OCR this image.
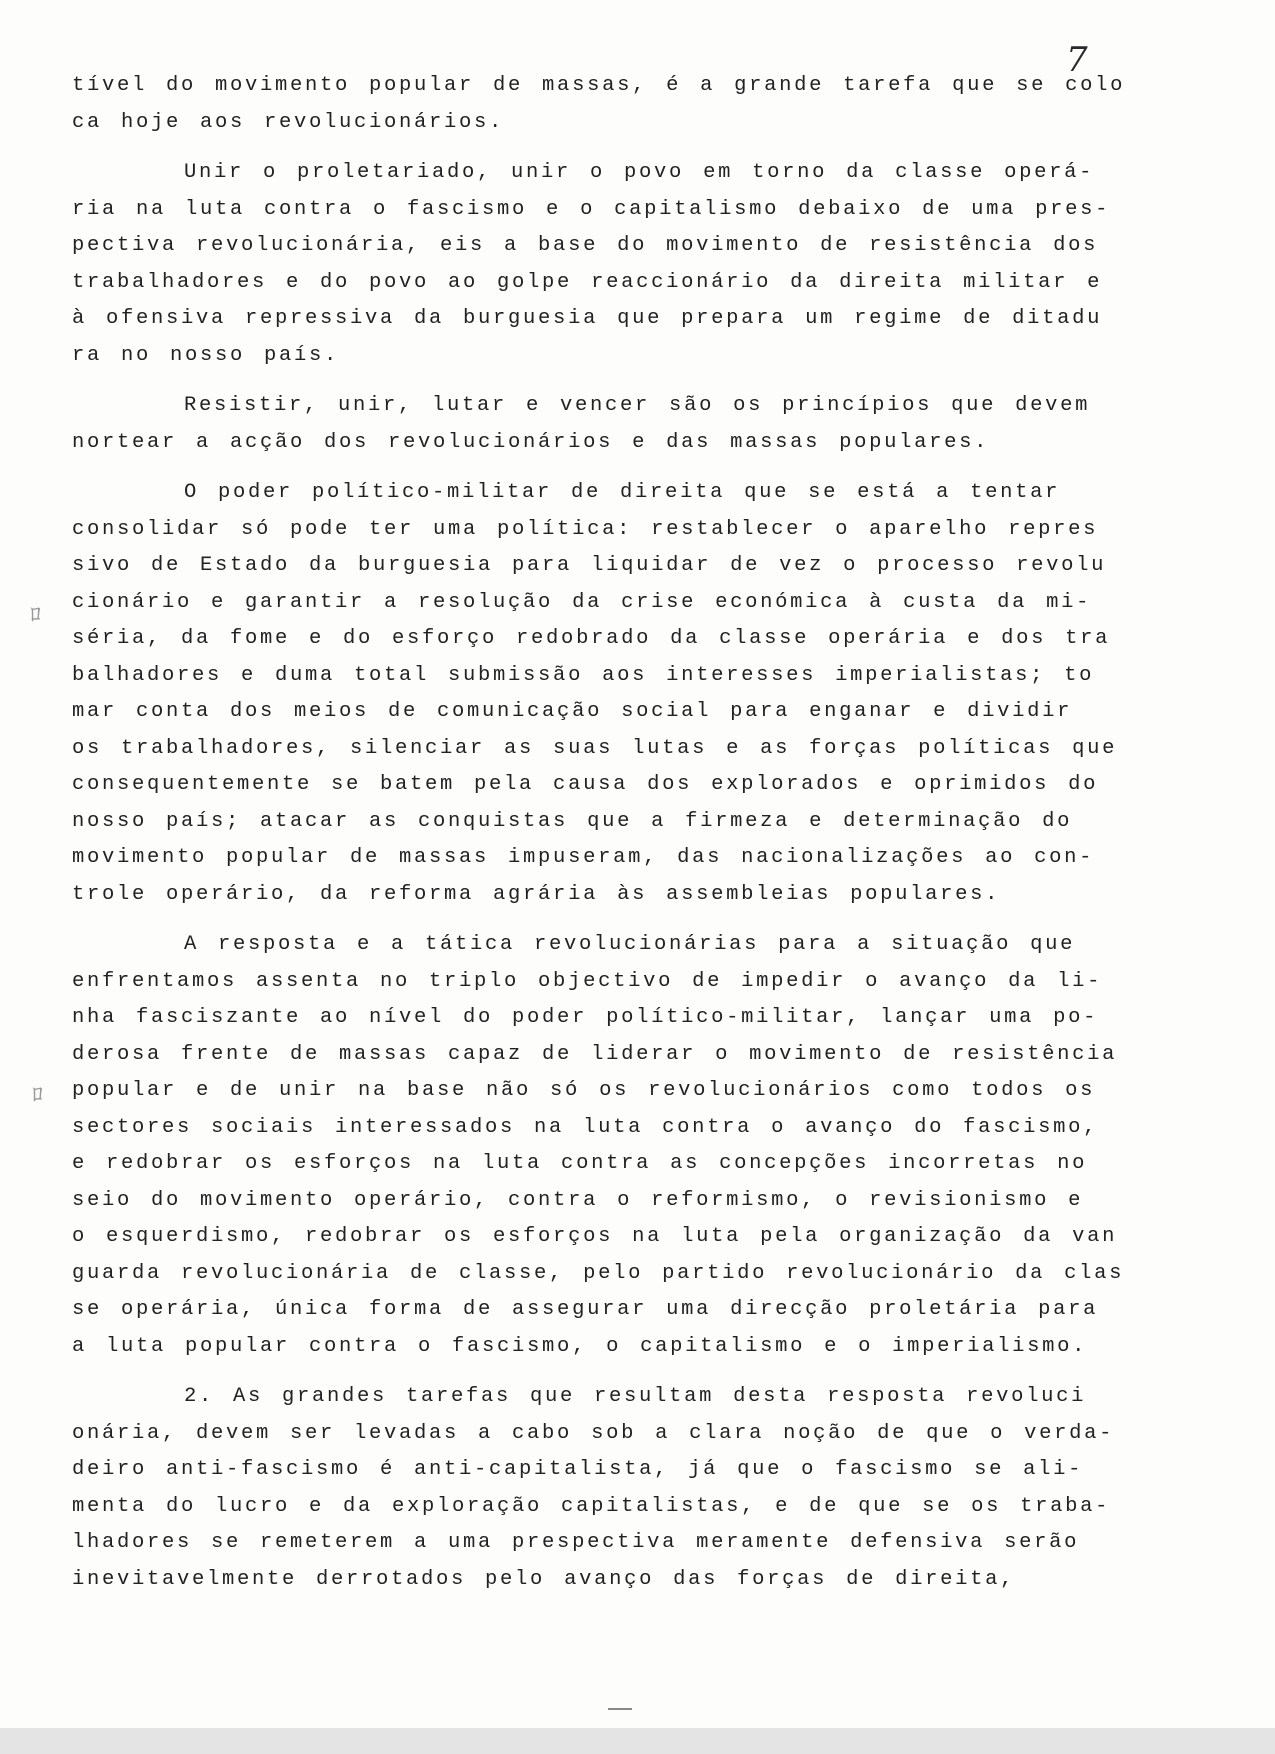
7
ﾛ
ﾛ
tível do movimento popular de massas, é a grande tarefa que se colo
ca hoje aos revolucionários.
Unir o proletariado, unir o povo em torno da classe operá-
ria na luta contra o fascismo e o capitalismo debaixo de uma pres-
pectiva revolucionária, eis a base do movimento de resistência dos
trabalhadores e do povo ao golpe reaccionário da direita militar e
à ofensiva repressiva da burguesia que prepara um regime de ditadu
ra no nosso país.
Resistir, unir, lutar e vencer são os princípios que devem
nortear a acção dos revolucionários e das massas populares.
O poder político-militar de direita que se está a tentar
consolidar só pode ter uma política: restablecer o aparelho repres
sivo de Estado da burguesia para liquidar de vez o processo revolu
cionário e garantir a resolução da crise económica à custa da mi-
séria, da fome e do esforço redobrado da classe operária e dos tra
balhadores e duma total submissão aos interesses imperialistas; to
mar conta dos meios de comunicação social para enganar e dividir
os trabalhadores, silenciar as suas lutas e as forças políticas que
consequentemente se batem pela causa dos explorados e oprimidos do
nosso país; atacar as conquistas que a firmeza e determinação do
movimento popular de massas impuseram, das nacionalizações ao con-
trole operário, da reforma agrária às assembleias populares.
A resposta e a tática revolucionárias para a situação que
enfrentamos assenta no triplo objectivo de impedir o avanço da li-
nha fasciszante ao nível do poder político-militar, lançar uma po-
derosa frente de massas capaz de liderar o movimento de resistência
popular e de unir na base não só os revolucionários como todos os
sectores sociais interessados na luta contra o avanço do fascismo,
e redobrar os esforços na luta contra as concepções incorretas no
seio do movimento operário, contra o reformismo, o revisionismo e
o esquerdismo, redobrar os esforços na luta pela organização da van
guarda revolucionária de classe, pelo partido revolucionário da clas
se operária, única forma de assegurar uma direcção proletária para
a luta popular contra o fascismo, o capitalismo e o imperialismo.
2. As grandes tarefas que resultam desta resposta revoluci
onária, devem ser levadas a cabo sob a clara noção de que o verda-
deiro anti-fascismo é anti-capitalista, já que o fascismo se ali-
menta do lucro e da exploração capitalistas, e de que se os traba-
lhadores se remeterem a uma prespectiva meramente defensiva serão
inevitavelmente derrotados pelo avanço das forças de direita,
